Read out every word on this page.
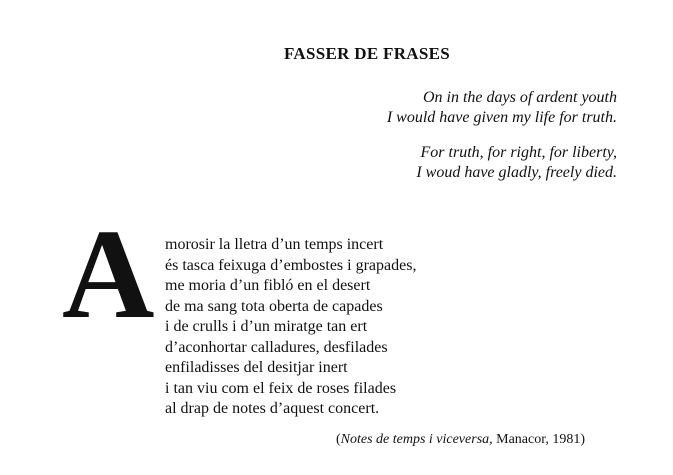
FASSER DE FRASES
On in the days of ardent youth
I would have given my life for truth.
For truth, for right, for liberty,
I woud have gladly, freely died.
A morosir la lletra d’un temps incert
és tasca feixuga d’embostes i grapades,
me moria d’un fibló en el desert
de ma sang tota oberta de capades
i de crulls i d’un miratge tan ert
d’aconhortar calladures, desfilades
enfiladisses del desitjar inert
i tan viu com el feix de roses filades
al drap de notes d’aquest concert.
(Notes de temps i viceversa, Manacor, 1981)
